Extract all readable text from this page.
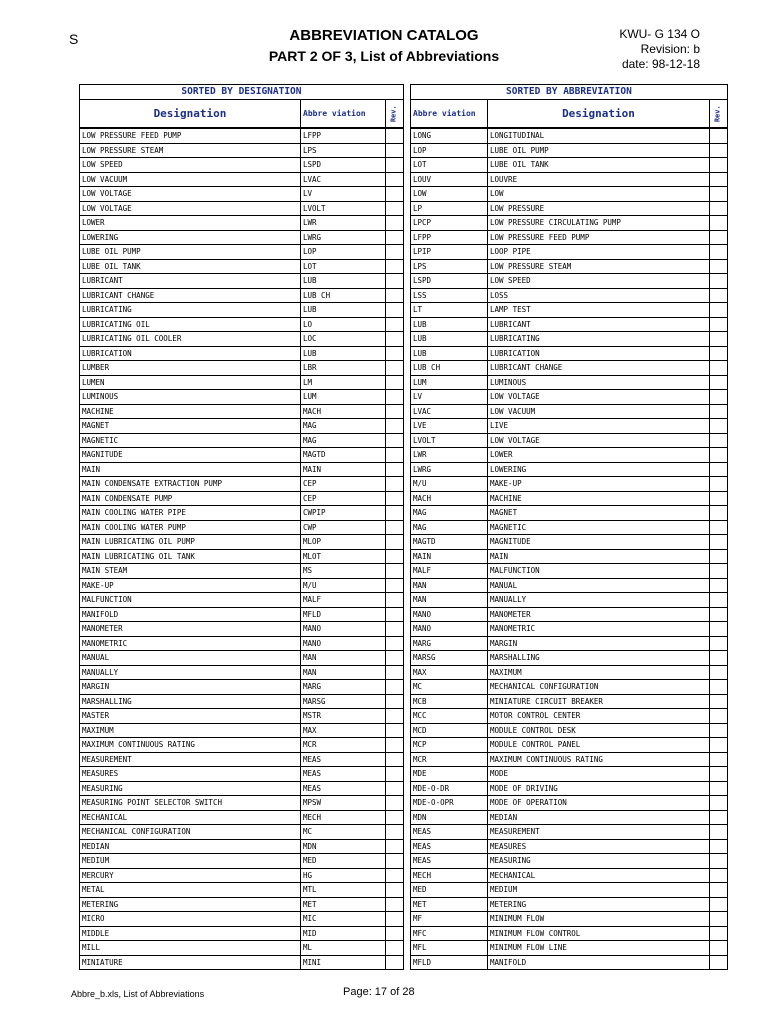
S	ABBREVIATION CATALOG
PART 2 OF 3, List of Abbreviations
KWU- G 134 O
Revision: b
date: 98-12-18
SORTED BY DESIGNATION		
Designation	Abbre viation	Rev.
LOW PRESSURE FEED PUMP	LFPP	
LOW PRESSURE STEAM	LPS	
LOW SPEED	LSPD	
LOW VACUUM	LVAC	
LOW VOLTAGE	LV	
LOW VOLTAGE	LVOLT	
LOWER	LWR	
LOWERING	LWRG	
LUBE OIL PUMP	LOP	
LUBE OIL TANK	LOT	
LUBRICANT	LUB	
LUBRICANT CHANGE	LUB CH	
LUBRICATING	LUB	
LUBRICATING OIL	LO	
LUBRICATING OIL COOLER	LOC	
LUBRICATION	LUB	
LUMBER	LBR	
LUMEN	LM	
LUMINOUS	LUM	
MACHINE	MACH	
MAGNET	MAG	
MAGNETIC	MAG	
MAGNITUDE	MAGTD	
MAIN	MAIN	
MAIN CONDENSATE EXTRACTION PUMP	CEP	
MAIN CONDENSATE PUMP	CEP	
MAIN COOLING WATER PIPE	CWPIP	
MAIN COOLING WATER PUMP	CWP	
MAIN LUBRICATING OIL PUMP	MLOP	
MAIN LUBRICATING OIL TANK	MLOT	
MAIN STEAM	MS	
MAKE-UP	M/U	
MALFUNCTION	MALF	
MANIFOLD	MFLD	
MANOMETER	MANO	
MANOMETRIC	MANO	
MANUAL	MAN	
MANUALLY	MAN	
MARGIN	MARG	
MARSHALLING	MARSG	
MASTER	MSTR	
MAXIMUM	MAX	
MAXIMUM CONTINUOUS RATING	MCR	
MEASUREMENT	MEAS	
MEASURES	MEAS	
MEASURING	MEAS	
MEASURING POINT SELECTOR SWITCH	MPSW	
MECHANICAL	MECH	
MECHANICAL CONFIGURATION	MC	
MEDIAN	MDN	
MEDIUM	MED	
MERCURY	HG	
METAL	MTL	
METERING	MET	
MICRO	MIC	
MIDDLE	MID	
MILL	ML	
MINIATURE	MINI	
SORTED BY ABBREVIATION		
Abbre viation	Designation	Rev.
LONG	LONGITUDINAL	
LOP	LUBE OIL PUMP	
LOT	LUBE OIL TANK	
LOUV	LOUVRE	
LOW	LOW	
LP	LOW PRESSURE	
LPCP	LOW PRESSURE CIRCULATING PUMP	
LFPP	LOW PRESSURE FEED PUMP	
LPIP	LOOP PIPE	
LPS	LOW PRESSURE STEAM	
LSPD	LOW SPEED	
LSS	LOSS	
LT	LAMP TEST	
LUB	LUBRICANT	
LUB	LUBRICATING	
LUB	LUBRICATION	
LUB CH	LUBRICANT CHANGE	
LUM	LUMINOUS	
LV	LOW VOLTAGE	
LVAC	LOW VACUUM	
LVE	LIVE	
LVOLT	LOW VOLTAGE	
LWR	LOWER	
LWRG	LOWERING	
M/U	MAKE-UP	
MACH	MACHINE	
MAG	MAGNET	
MAG	MAGNETIC	
MAGTD	MAGNITUDE	
MAIN	MAIN	
MALF	MALFUNCTION	
MAN	MANUAL	
MAN	MANUALLY	
MANO	MANOMETER	
MANO	MANOMETRIC	
MARG	MARGIN	
MARSG	MARSHALLING	
MAX	MAXIMUM	
MC	MECHANICAL CONFIGURATION	
MCB	MINIATURE CIRCUIT BREAKER	
MCC	MOTOR CONTROL CENTER	
MCD	MODULE CONTROL DESK	
MCP	MODULE CONTROL PANEL	
MCR	MAXIMUM CONTINUOUS RATING	
MDE	MODE	
MDE-O-DR	MODE OF DRIVING	
MDE-O-OPR	MODE OF OPERATION	
MDN	MEDIAN	
MEAS	MEASUREMENT	
MEAS	MEASURES	
MEAS	MEASURING	
MECH	MECHANICAL	
MED	MEDIUM	
MET	METERING	
MF	MINIMUM FLOW	
MFC	MINIMUM FLOW CONTROL	
MFL	MINIMUM FLOW LINE	
MFLD	MANIFOLD	
Abbre_b.xls, List of Abbreviations	Page: 17 of 28
